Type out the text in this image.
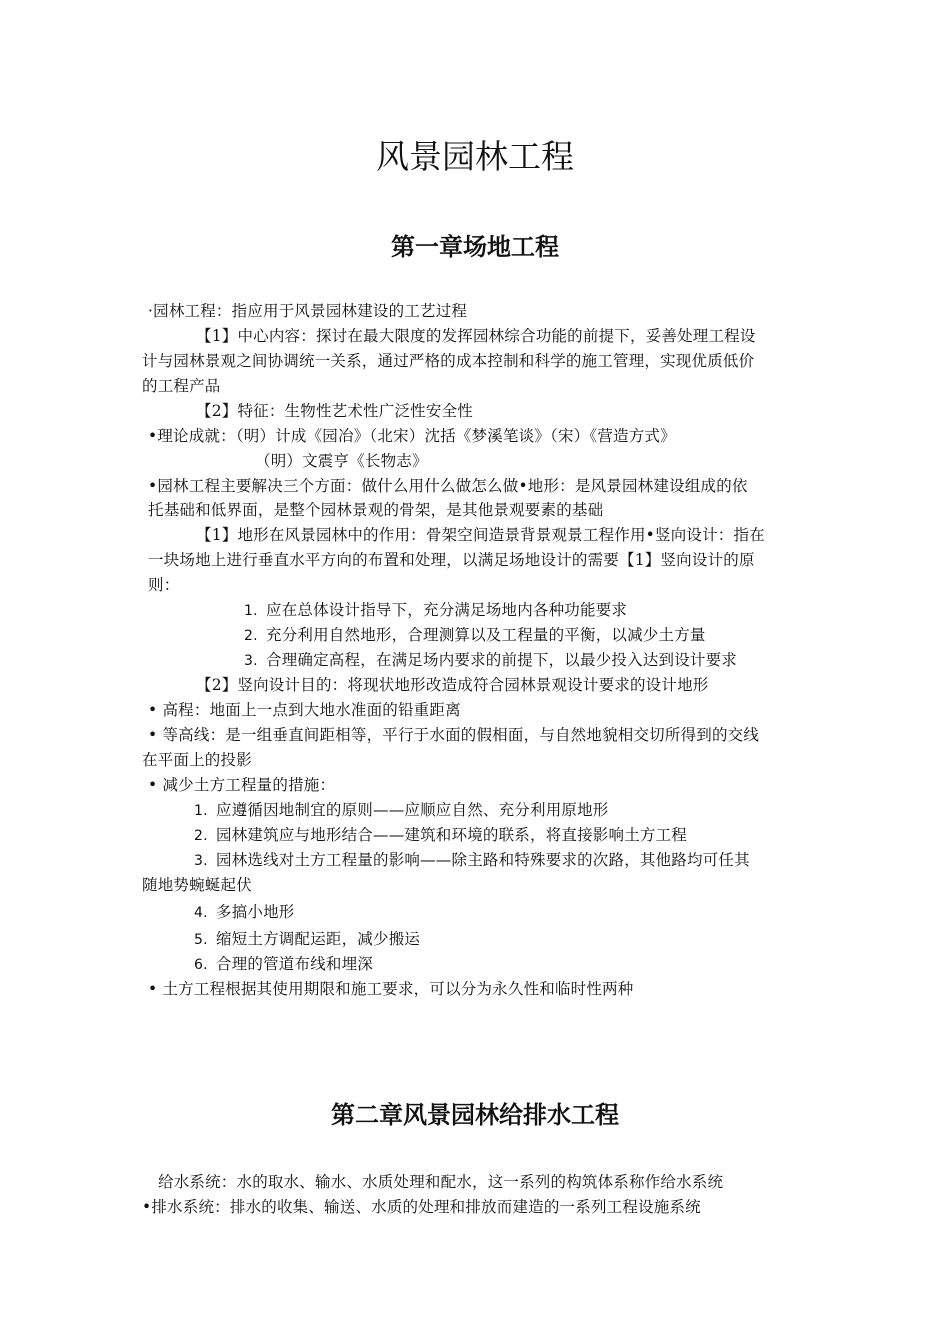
风景园林工程
第一章场地工程
·园林工程：指应用于风景园林建设的工艺过程
【1】中心内容：探讨在最大限度的发挥园林综合功能的前提下，妥善处理工程设
计与园林景观之间协调统一关系，通过严格的成本控制和科学的施工管理，实现优质低价
的工程产品
【2】特征：生物性艺术性广泛性安全性
•理论成就：（明）计成《园冶》（北宋）沈括《梦溪笔谈》（宋）《营造方式》
（明）文震亨《长物志》
•园林工程主要解决三个方面：做什么用什么做怎么做•地形：是风景园林建设组成的依
托基础和低界面，是整个园林景观的骨架，是其他景观要素的基础
【1】地形在风景园林中的作用：骨架空间造景背景观景工程作用•竖向设计：指在
一块场地上进行垂直水平方向的布置和处理，以满足场地设计的需要【1】竖向设计的原
则：
1. 应在总体设计指导下，充分满足场地内各种功能要求
2. 充分利用自然地形，合理测算以及工程量的平衡，以减少土方量
3. 合理确定高程，在满足场内要求的前提下，以最少投入达到设计要求
【2】竖向设计目的：将现状地形改造成符合园林景观设计要求的设计地形
• 高程：地面上一点到大地水准面的铅重距离
• 等高线：是一组垂直间距相等，平行于水面的假相面，与自然地貌相交切所得到的交线
在平面上的投影
• 减少土方工程量的措施：
1. 应遵循因地制宜的原则——应顺应自然、充分利用原地形
2. 园林建筑应与地形结合——建筑和环境的联系，将直接影响土方工程
3. 园林选线对土方工程量的影响——除主路和特殊要求的次路，其他路均可任其
随地势蜿蜒起伏
4. 多搞小地形
5. 缩短土方调配运距，减少搬运
6. 合理的管道布线和埋深
• 土方工程根据其使用期限和施工要求，可以分为永久性和临时性两种
第二章风景园林给排水工程
给水系统：水的取水、输水、水质处理和配水，这一系列的构筑体系称作给水系统
•排水系统：排水的收集、输送、水质的处理和排放而建造的一系列工程设施系统
